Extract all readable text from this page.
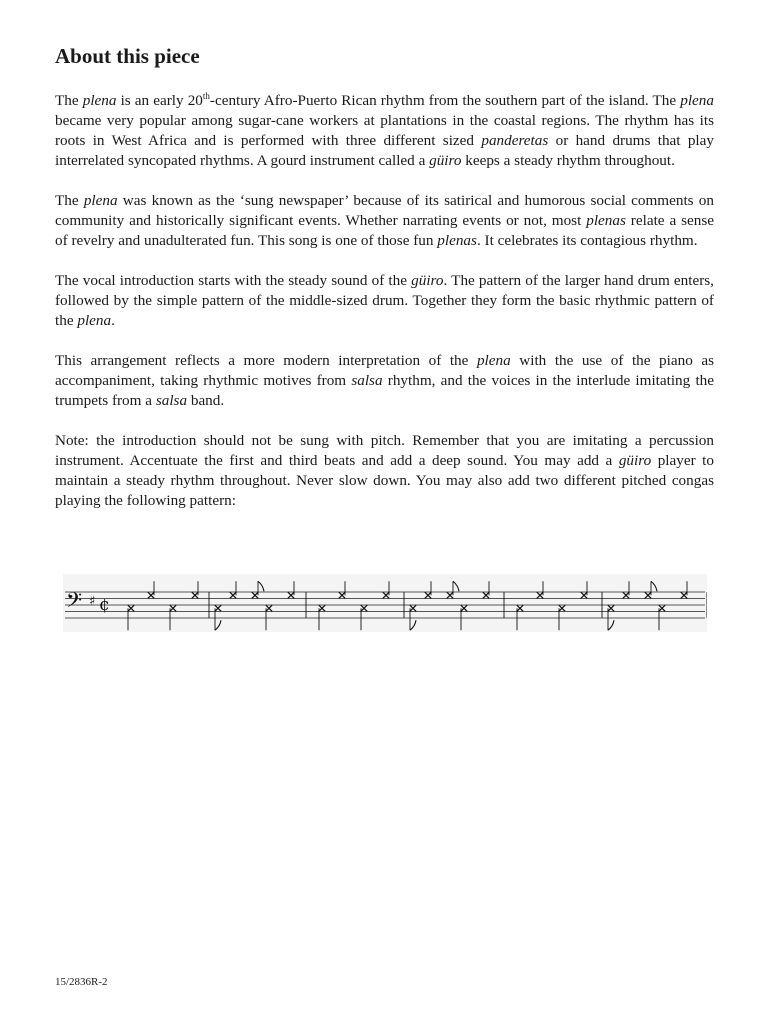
About this piece

The plena is an early 20th-century Afro-Puerto Rican rhythm from the southern part of the island. The plena became very popular among sugar-cane workers at plantations in the coastal regions. The rhythm has its roots in West Africa and is performed with three different sized panderetas or hand drums that play interrelated syncopated rhythms. A gourd instrument called a güiro keeps a steady rhythm throughout.

The plena was known as the ‘sung newspaper’ because of its satirical and humorous social comments on community and historically significant events. Whether narrating events or not, most plenas relate a sense of revelry and unadulterated fun. This song is one of those fun plenas. It celebrates its contagious rhythm.

The vocal introduction starts with the steady sound of the güiro. The pattern of the larger hand drum enters, followed by the simple pattern of the middle-sized drum. Together they form the basic rhythmic pattern of the plena.

This arrangement reflects a more modern interpretation of the plena with the use of the piano as accompaniment, taking rhythmic motives from salsa rhythm, and the voices in the interlude imitating the trumpets from a salsa band.

Note: the introduction should not be sung with pitch. Remember that you are imitating a percussion instrument. Accentuate the first and third beats and add a deep sound. You may add a güiro player to maintain a steady rhythm throughout. Never slow down. You may also add two different pitched congas playing the following pattern:

𝄢 ♯ ¢
15/2836R-2
